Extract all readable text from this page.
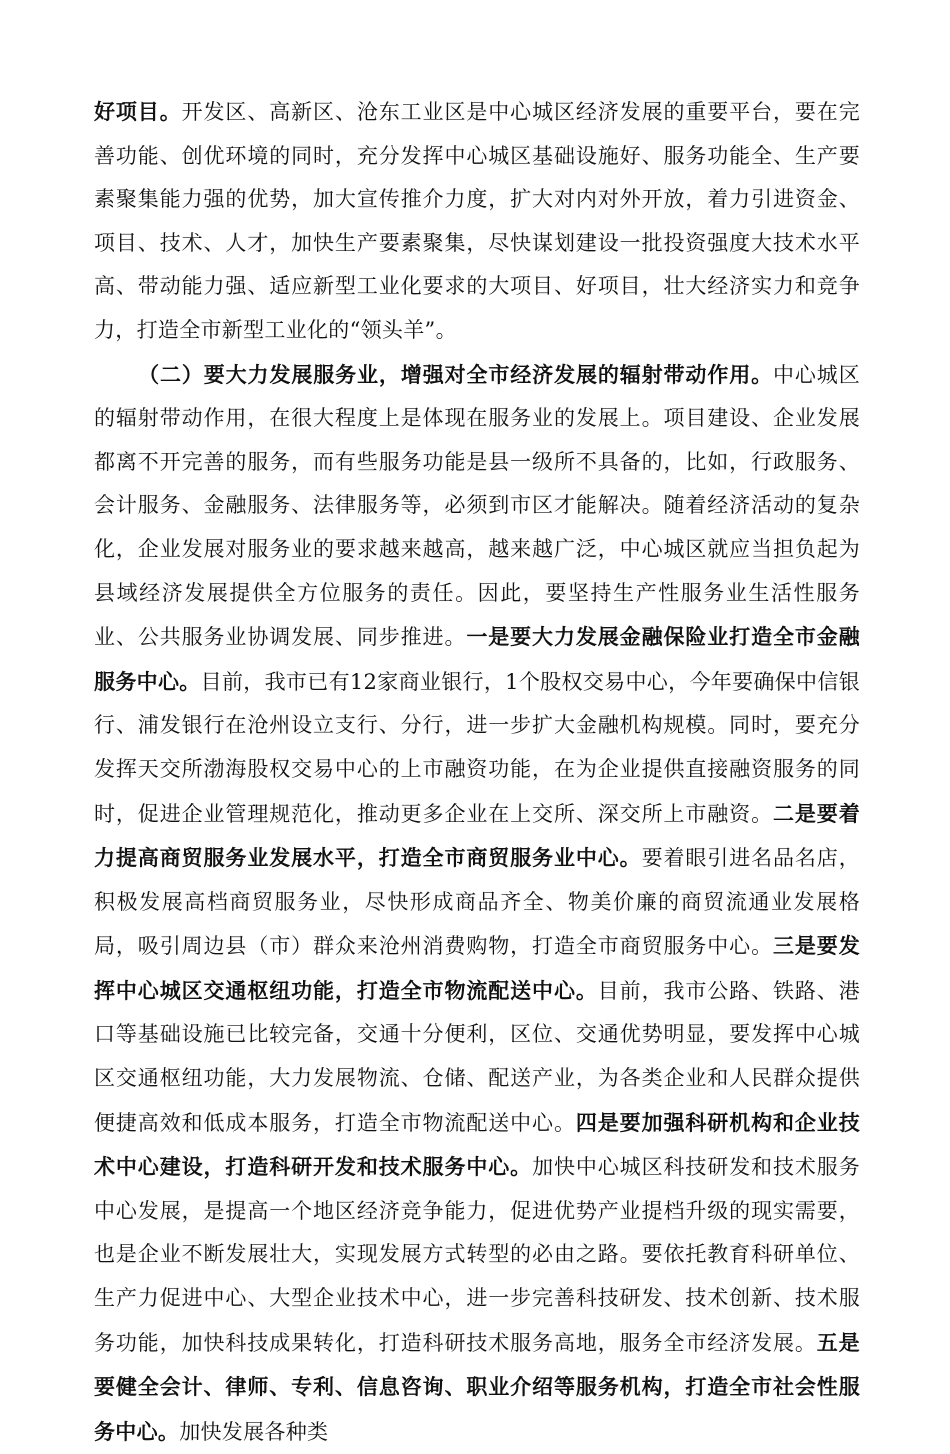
好项目。开发区、高新区、沧东工业区是中心城区经济发展的重要平台，要在完善功能、创优环境的同时，充分发挥中心城区基础设施好、服务功能全、生产要素聚集能力强的优势，加大宣传推介力度，扩大对内对外开放，着力引进资金、项目、技术、人才，加快生产要素聚集，尽快谋划建设一批投资强度大技术水平高、带动能力强、适应新型工业化要求的大项目、好项目，壮大经济实力和竞争力，打造全市新型工业化的“领头羊”。

（二）要大力发展服务业，增强对全市经济发展的辐射带动作用。中心城区的辐射带动作用，在很大程度上是体现在服务业的发展上。项目建设、企业发展都离不开完善的服务，而有些服务功能是县一级所不具备的，比如，行政服务、会计服务、金融服务、法律服务等，必须到市区才能解决。随着经济活动的复杂化，企业发展对服务业的要求越来越高，越来越广泛，中心城区就应当担负起为县域经济发展提供全方位服务的责任。因此，要坚持生产性服务业生活性服务业、公共服务业协调发展、同步推进。一是要大力发展金融保险业打造全市金融服务中心。目前，我市已有12家商业银行，1个股权交易中心，今年要确保中信银行、浦发银行在沧州设立支行、分行，进一步扩大金融机构规模。同时，要充分发挥天交所渤海股权交易中心的上市融资功能，在为企业提供直接融资服务的同时，促进企业管理规范化，推动更多企业在上交所、深交所上市融资。二是要着力提高商贸服务业发展水平，打造全市商贸服务业中心。要着眼引进名品名店，积极发展高档商贸服务业，尽快形成商品齐全、物美价廉的商贸流通业发展格局，吸引周边县（市）群众来沧州消费购物，打造全市商贸服务中心。三是要发挥中心城区交通枢纽功能，打造全市物流配送中心。目前，我市公路、铁路、港口等基础设施已比较完备，交通十分便利，区位、交通优势明显，要发挥中心城区交通枢纽功能，大力发展物流、仓储、配送产业，为各类企业和人民群众提供便捷高效和低成本服务，打造全市物流配送中心。四是要加强科研机构和企业技术中心建设，打造科研开发和技术服务中心。加快中心城区科技研发和技术服务中心发展，是提高一个地区经济竞争能力，促进优势产业提档升级的现实需要，也是企业不断发展壮大，实现发展方式转型的必由之路。要依托教育科研单位、生产力促进中心、大型企业技术中心，进一步完善科技研发、技术创新、技术服务功能，加快科技成果转化，打造科研技术服务高地，服务全市经济发展。五是要健全会计、律师、专利、信息咨询、职业介绍等服务机构，打造全市社会性服务中心。加快发展各种类
